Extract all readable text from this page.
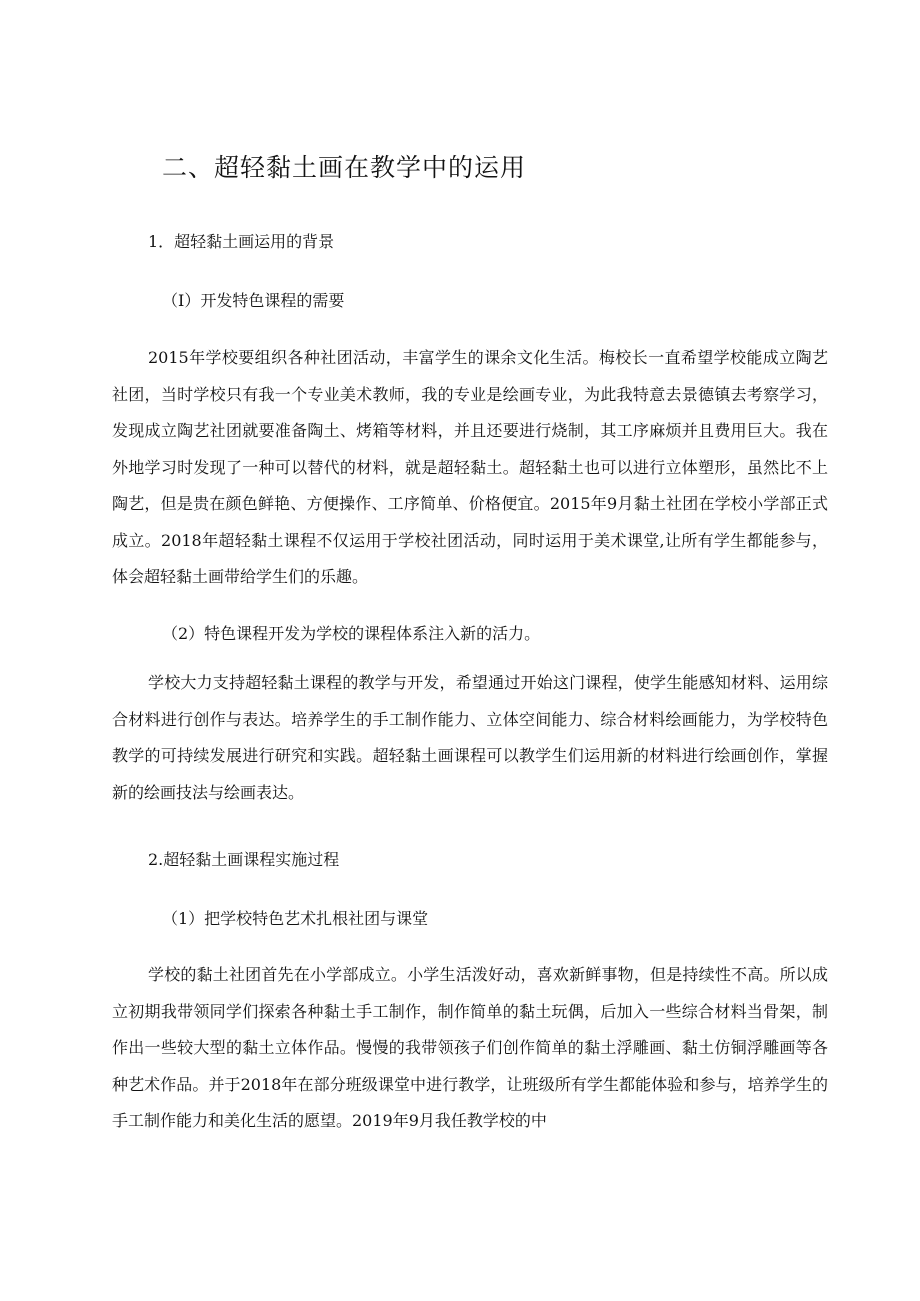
二、超轻黏土画在教学中的运用
1．超轻黏土画运用的背景
（I）开发特色课程的需要

2015年学校要组织各种社团活动，丰富学生的课余文化生活。梅校长一直希望学校能成立陶艺社团，当时学校只有我一个专业美术教师，我的专业是绘画专业，为此我特意去景德镇去考察学习，发现成立陶艺社团就要准备陶土、烤箱等材料，并且还要进行烧制，其工序麻烦并且费用巨大。我在外地学习时发现了一种可以替代的材料，就是超轻黏土。超轻黏土也可以进行立体塑形，虽然比不上陶艺，但是贵在颜色鲜艳、方便操作、工序简单、价格便宜。2015年9月黏土社团在学校小学部正式成立。2018年超轻黏土课程不仅运用于学校社团活动，同时运用于美术课堂,让所有学生都能参与，体会超轻黏土画带给学生们的乐趣。

（2）特色课程开发为学校的课程体系注入新的活力。

学校大力支持超轻黏土课程的教学与开发，希望通过开始这门课程，使学生能感知材料、运用综合材料进行创作与表达。培养学生的手工制作能力、立体空间能力、综合材料绘画能力，为学校特色教学的可持续发展进行研究和实践。超轻黏土画课程可以教学生们运用新的材料进行绘画创作，掌握新的绘画技法与绘画表达。

2.超轻黏土画课程实施过程
（1）把学校特色艺术扎根社团与课堂

学校的黏土社团首先在小学部成立。小学生活泼好动，喜欢新鲜事物，但是持续性不高。所以成立初期我带领同学们探索各种黏土手工制作，制作简单的黏土玩偶，后加入一些综合材料当骨架，制作出一些较大型的黏土立体作品。慢慢的我带领孩子们创作简单的黏土浮雕画、黏土仿铜浮雕画等各种艺术作品。并于2018年在部分班级课堂中进行教学，让班级所有学生都能体验和参与，培养学生的手工制作能力和美化生活的愿望。2019年9月我任教学校的中
